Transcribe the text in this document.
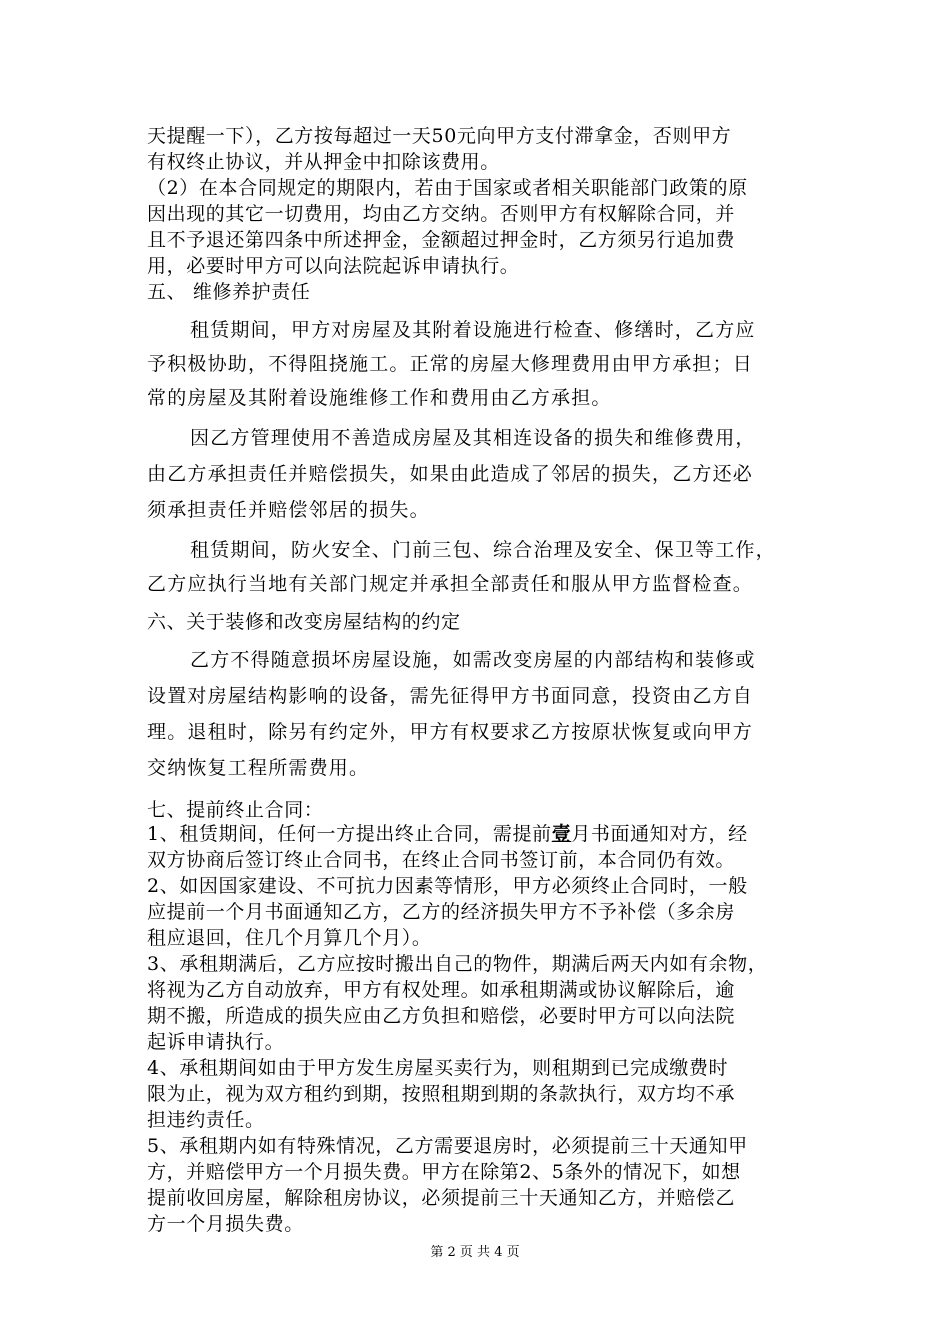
天提醒一下），乙方按每超过一天50元向甲方支付滞拿金，否则甲方
有权终止协议，并从押金中扣除该费用。
（2）在本合同规定的期限内，若由于国家或者相关职能部门政策的原
因出现的其它一切费用，均由乙方交纳。否则甲方有权解除合同，并
且不予退还第四条中所述押金，金额超过押金时，乙方须另行追加费
用，必要时甲方可以向法院起诉申请执行。
五、 维修养护责任
租赁期间，甲方对房屋及其附着设施进行检查、修缮时，乙方应
予积极协助，不得阻挠施工。正常的房屋大修理费用由甲方承担；日
常的房屋及其附着设施维修工作和费用由乙方承担。
因乙方管理使用不善造成房屋及其相连设备的损失和维修费用，
由乙方承担责任并赔偿损失，如果由此造成了邻居的损失，乙方还必
须承担责任并赔偿邻居的损失。
租赁期间，防火安全、门前三包、综合治理及安全、保卫等工作，
乙方应执行当地有关部门规定并承担全部责任和服从甲方监督检查。
六、关于装修和改变房屋结构的约定
乙方不得随意损坏房屋设施，如需改变房屋的内部结构和装修或
设置对房屋结构影响的设备，需先征得甲方书面同意，投资由乙方自
理。退租时，除另有约定外，甲方有权要求乙方按原状恢复或向甲方
交纳恢复工程所需费用。
七、提前终止合同：
1、租赁期间，任何一方提出终止合同，需提前壹月书面通知对方，经
双方协商后签订终止合同书，在终止合同书签订前，本合同仍有效。
2、如因国家建设、不可抗力因素等情形，甲方必须终止合同时，一般
应提前一个月书面通知乙方，乙方的经济损失甲方不予补偿（多余房
租应退回，住几个月算几个月）。
3、承租期满后，乙方应按时搬出自己的物件，期满后两天内如有余物，
将视为乙方自动放弃，甲方有权处理。如承租期满或协议解除后，逾
期不搬，所造成的损失应由乙方负担和赔偿，必要时甲方可以向法院
起诉申请执行。
4、承租期间如由于甲方发生房屋买卖行为，则租期到已完成缴费时
限为止，视为双方租约到期，按照租期到期的条款执行，双方均不承
担违约责任。
5、承租期内如有特殊情况，乙方需要退房时，必须提前三十天通知甲
方，并赔偿甲方一个月损失费。甲方在除第2、5条外的情况下，如想
提前收回房屋，解除租房协议，必须提前三十天通知乙方，并赔偿乙
方一个月损失费。
第 2 页 共 4 页
